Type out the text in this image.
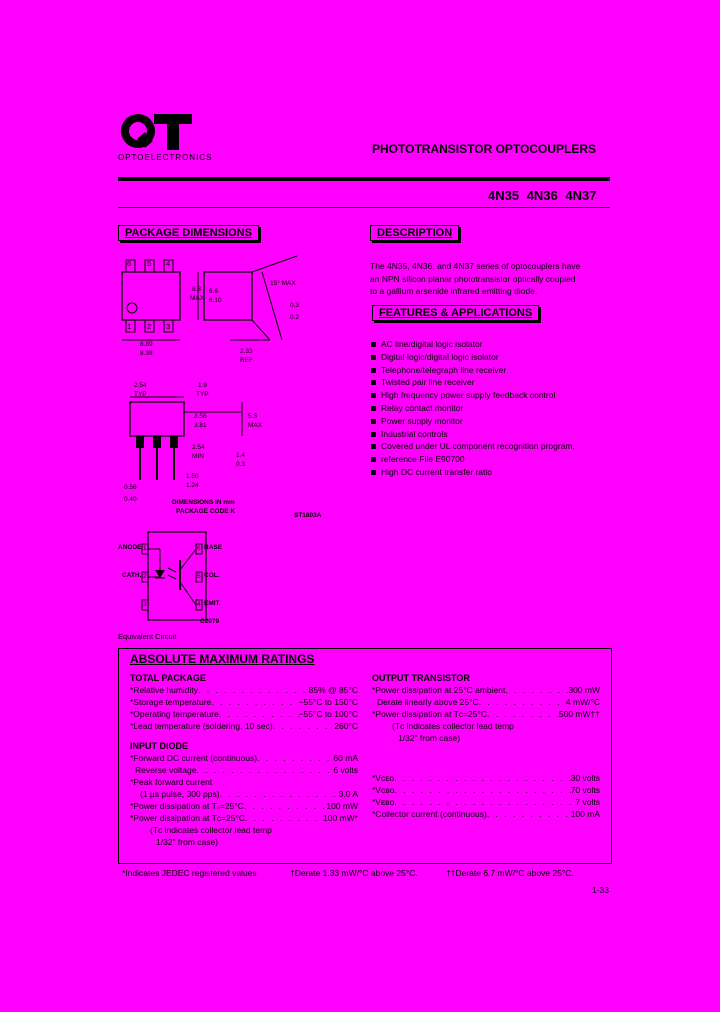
OPTOELECTRONICS
PHOTOTRANSISTOR OPTOCOUPLERS
4N35 4N36 4N37
PACKAGE DIMENSIONS
6 5 4
1 2 3
8.3
MAX
6.6
6.10
15° MAX
0.3
0.2
8.89
8.38	2.33
REF
2.54
TYP
1.9
TYP
3.56
3.81
5.3
MAX
2.54
MIN	1.4
0.3
1.50
1.24
0.56
0.40	DIMENSIONS IN mm
PACKAGE CODE K
ST1803A
ANODE
CATH.
1
2
3
6
5
4
BASE
COL.
EMIT.
C2079
Equivalent Circuit
DESCRIPTION
The 4N35, 4N36, and 4N37 series of optocouplers have
an NPN silicon planar phototransistor optically coupled
to a gallium arsenide infrared emitting diode.
FEATURES & APPLICATIONS
AC line/digital logic isolator
Digital logic/digital logic isolator
Telephone/telegraph line receiver
Twisted pair line receiver
High frequency power supply feedback control
Relay contact monitor
Power supply monitor
Industrial controls
Covered under UL component recognition program,
reference File E90700
High DC current transfer ratio
ABSOLUTE MAXIMUM RATINGS
TOTAL PACKAGE
*Relative humidity . . .	85% @ 85°C
*Storage temperature . . .	−55°C to 150°C
*Operating temperature . . .	−55°C to 100°C
*Lead temperature (soldering, 10 sec) . . .	260°C
INPUT DIODE
*Forward DC current (continuous) . . .	60 mA
Reverse voltage . . .	6 volts
*Peak forward current
(1 µs pulse, 300 pps) . . .	3.0 A
*Power dissipation at Tₐ=25°C . . .	100 mW
*Power dissipation at Tᴄ=25°C . . .	100 mW*
(Tᴄ indicates collector lead temp
1/32" from case)
OUTPUT TRANSISTOR
*Power dissipation at 25°C ambient . . .	300 mW
Derate linearly above 25°C . . .	4 mW/°C
*Power dissipation at Tᴄ=25°C . . .	500 mW††
(Tᴄ indicates collector lead temp
1/32" from case)
*Vᴄᴇᴏ . . .	30 volts
*Vᴄʙᴏ . . .	70 volts
*Vᴇʙᴏ . . .	7 volts
*Collector current (continuous) . . .	100 mA
*Indicates JEDEC registered values	†Derate 1.33 mW/°C above 25°C.	††Derate 6.7 mW/°C above 25°C.
1-33
